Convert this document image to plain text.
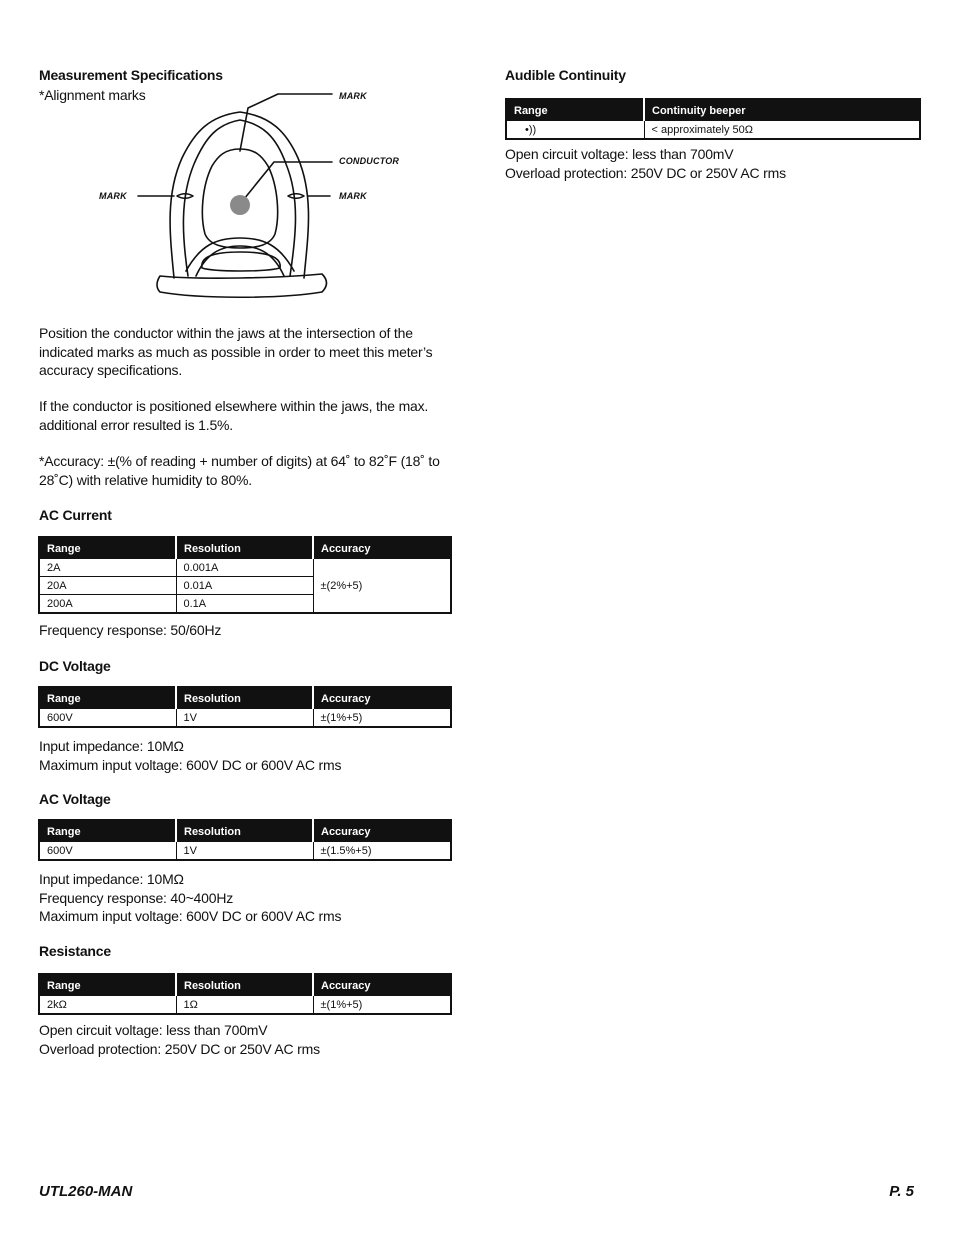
Measurement Specifications
*Alignment marks	MARK
CONDUCTOR
MARK	MARK
Position the conductor within the jaws at the intersection of the
indicated marks as much as possible in order to meet this meter’s
accuracy specifications.
If the conductor is positioned elsewhere within the jaws, the max.
additional error resulted is 1.5%.
*Accuracy: ±(% of reading + number of digits) at 64˚ to 82˚F (18˚ to
28˚C) with relative humidity to 80%.
AC Current
Range	Resolution	Accuracy
2A	0.001A	±(2%+5)
20A	0.01A	
200A	0.1A	
Frequency response: 50/60Hz
DC Voltage
Range	Resolution	Accuracy
600V	1V	±(1%+5)
Input impedance: 10MΩ
Maximum input voltage: 600V DC or 600V AC rms
AC Voltage
Range	Resolution	Accuracy
600V	1V	±(1.5%+5)
Input impedance: 10MΩ
Frequency response: 40~400Hz
Maximum input voltage: 600V DC or 600V AC rms
Resistance
Range	Resolution	Accuracy
2kΩ	1Ω	±(1%+5)
Open circuit voltage: less than 700mV
Overload protection: 250V DC or 250V AC rms
Audible Continuity
Range	Continuity beeper
•))	< approximately 50Ω
Open circuit voltage: less than 700mV
Overload protection: 250V DC or 250V AC rms
UTL260-MAN	P. 5
